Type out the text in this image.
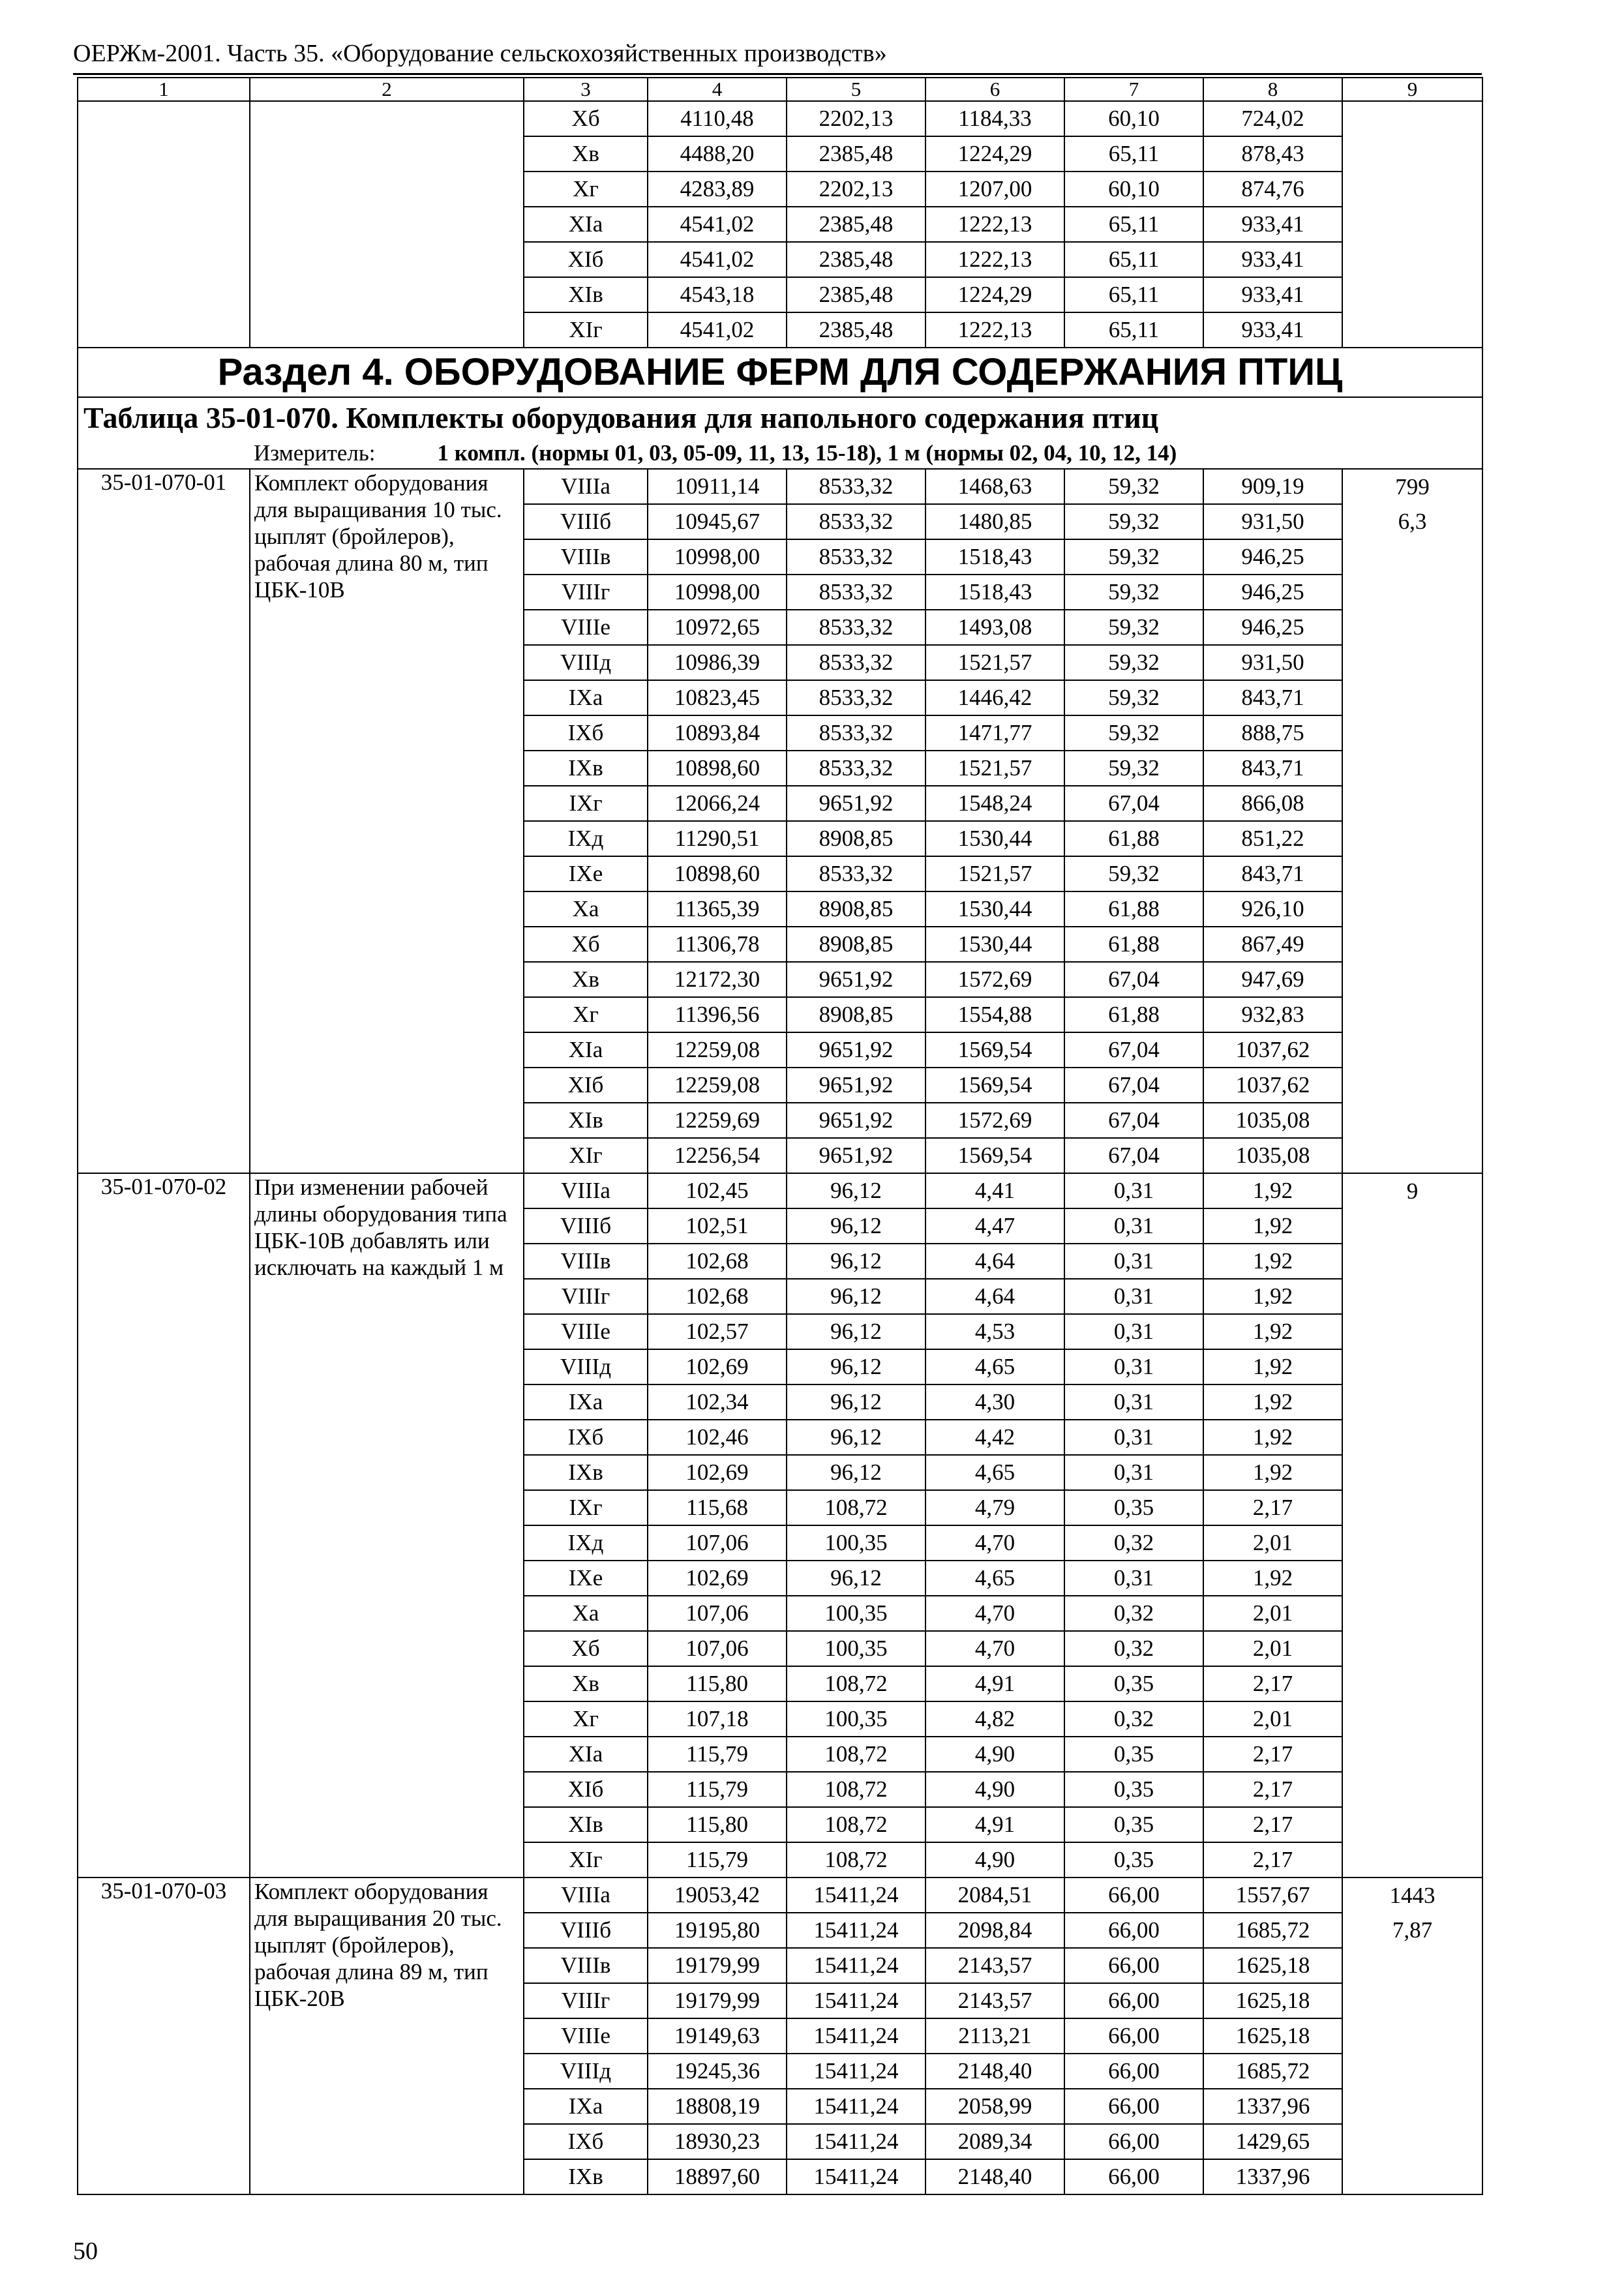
ОЕРЖм-2001. Часть 35. «Оборудование сельскохозяйственных производств»
1	2	3	4	5	6	7	8	9
		Хб	4110,48	2202,13	1184,33	60,10	724,02	
		Хв	4488,20	2385,48	1224,29	65,11	878,43	
		Хг	4283,89	2202,13	1207,00	60,10	874,76	
		ХIа	4541,02	2385,48	1222,13	65,11	933,41	
		ХIб	4541,02	2385,48	1222,13	65,11	933,41	
		ХIв	4543,18	2385,48	1224,29	65,11	933,41	
		ХIг	4541,02	2385,48	1222,13	65,11	933,41	
Раздел 4. ОБОРУДОВАНИЕ ФЕРМ ДЛЯ СОДЕРЖАНИЯ ПТИЦ								
Таблица 35-01-070. Комплекты оборудования для напольного содержания птиц								
Измеритель: 1 компл. (нормы 01, 03, 05-09, 11, 13, 15-18), 1 м (нормы 02, 04, 10, 12, 14)								
35-01-070-01	Комплект оборудования для выращивания 10 тыс. цыплят (бройлеров), рабочая длина 80 м, тип ЦБК-10В	VIIIа	10911,14	8533,32	1468,63	59,32	909,19	799
6,3

		VIIIб	10945,67	8533,32	1480,85	59,32	931,50	
		VIIIв	10998,00	8533,32	1518,43	59,32	946,25	
		VIIIг	10998,00	8533,32	1518,43	59,32	946,25	
		VIIIе	10972,65	8533,32	1493,08	59,32	946,25	
		VIIIд	10986,39	8533,32	1521,57	59,32	931,50	
		IХа	10823,45	8533,32	1446,42	59,32	843,71	
		IХб	10893,84	8533,32	1471,77	59,32	888,75	
		IХв	10898,60	8533,32	1521,57	59,32	843,71	
		IХг	12066,24	9651,92	1548,24	67,04	866,08	
		IХд	11290,51	8908,85	1530,44	61,88	851,22	
		IХе	10898,60	8533,32	1521,57	59,32	843,71	
		Ха	11365,39	8908,85	1530,44	61,88	926,10	
		Хб	11306,78	8908,85	1530,44	61,88	867,49	
		Хв	12172,30	9651,92	1572,69	67,04	947,69	
		Хг	11396,56	8908,85	1554,88	61,88	932,83	
		ХIа	12259,08	9651,92	1569,54	67,04	1037,62	
		ХIб	12259,08	9651,92	1569,54	67,04	1037,62	
		ХIв	12259,69	9651,92	1572,69	67,04	1035,08	
		ХIг	12256,54	9651,92	1569,54	67,04	1035,08	
35-01-070-02	При изменении рабочей длины оборудования типа ЦБК-10В добавлять или исключать на каждый 1 м	VIIIа	102,45	96,12	4,41	0,31	1,92	9

		VIIIб	102,51	96,12	4,47	0,31	1,92	
		VIIIв	102,68	96,12	4,64	0,31	1,92	
		VIIIг	102,68	96,12	4,64	0,31	1,92	
		VIIIе	102,57	96,12	4,53	0,31	1,92	
		VIIIд	102,69	96,12	4,65	0,31	1,92	
		IХа	102,34	96,12	4,30	0,31	1,92	
		IХб	102,46	96,12	4,42	0,31	1,92	
		IХв	102,69	96,12	4,65	0,31	1,92	
		IХг	115,68	108,72	4,79	0,35	2,17	
		IХд	107,06	100,35	4,70	0,32	2,01	
		IХе	102,69	96,12	4,65	0,31	1,92	
		Ха	107,06	100,35	4,70	0,32	2,01	
		Хб	107,06	100,35	4,70	0,32	2,01	
		Хв	115,80	108,72	4,91	0,35	2,17	
		Хг	107,18	100,35	4,82	0,32	2,01	
		ХIа	115,79	108,72	4,90	0,35	2,17	
		ХIб	115,79	108,72	4,90	0,35	2,17	
		ХIв	115,80	108,72	4,91	0,35	2,17	
		ХIг	115,79	108,72	4,90	0,35	2,17	
35-01-070-03	Комплект оборудования для выращивания 20 тыс. цыплят (бройлеров), рабочая длина 89 м, тип ЦБК-20В	VIIIа	19053,42	15411,24	2084,51	66,00	1557,67	1443
7,87

		VIIIб	19195,80	15411,24	2098,84	66,00	1685,72	
		VIIIв	19179,99	15411,24	2143,57	66,00	1625,18	
		VIIIг	19179,99	15411,24	2143,57	66,00	1625,18	
		VIIIе	19149,63	15411,24	2113,21	66,00	1625,18	
		VIIIд	19245,36	15411,24	2148,40	66,00	1685,72	
		IХа	18808,19	15411,24	2058,99	66,00	1337,96	
		IХб	18930,23	15411,24	2089,34	66,00	1429,65	
		IХв	18897,60	15411,24	2148,40	66,00	1337,96	
50
